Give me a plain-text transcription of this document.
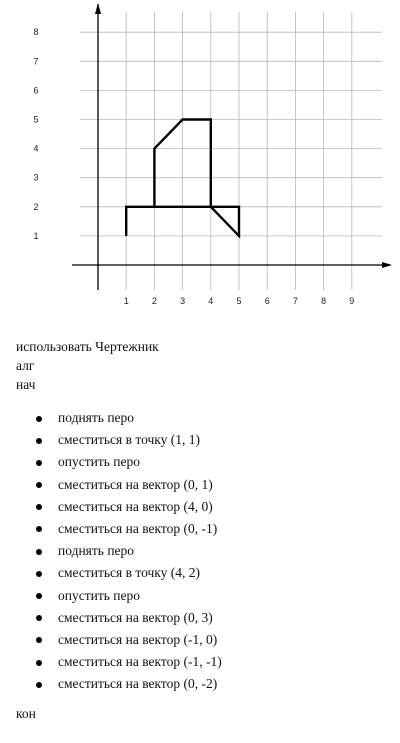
1	2	3	4	5	6	7	8	9
1
2
3
4
5
6
7
8
использовать Чертежник
алг
нач
поднять перо
сместиться в точку (1, 1)
опустить перо
сместиться на вектор (0, 1)
сместиться на вектор (4, 0)
сместиться на вектор (0, -1)
поднять перо
сместиться в точку (4, 2)
опустить перо
сместиться на вектор (0, 3)
сместиться на вектор (-1, 0)
сместиться на вектор (-1, -1)
сместиться на вектор (0, -2)
кон
